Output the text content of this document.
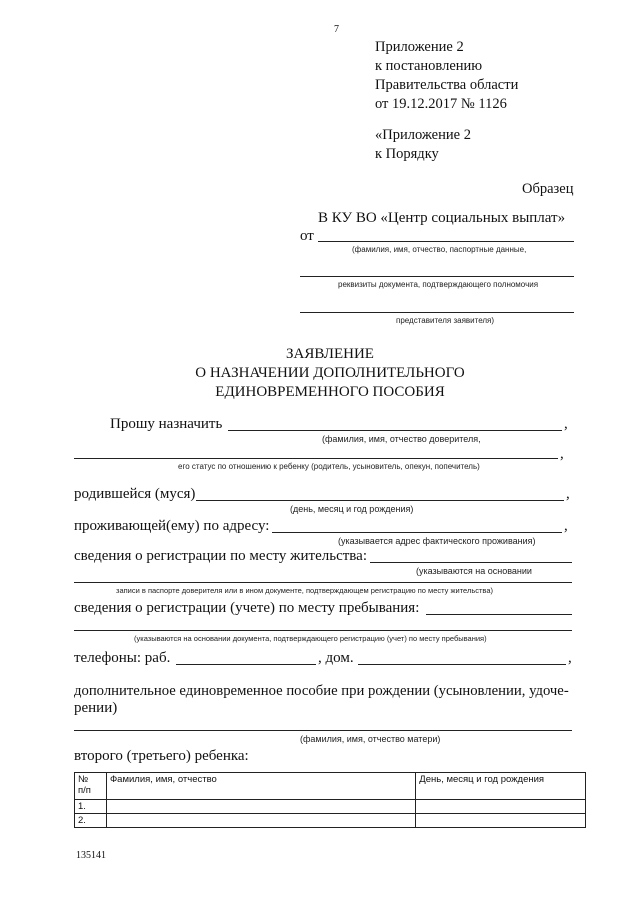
7
Приложение 2
к постановлению
Правительства области
от 19.12.2017 № 1126
«Приложение 2
к Порядку
Образец
В КУ ВО «Центр социальных выплат»
от
(фамилия, имя, отчество, паспортные данные,
реквизиты документа, подтверждающего полномочия
представителя заявителя)
ЗАЯВЛЕНИЕ
О НАЗНАЧЕНИИ ДОПОЛНИТЕЛЬНОГО
ЕДИНОВРЕМЕННОГО ПОСОБИЯ
Прошу назначить	,
(фамилия, имя, отчество доверителя,
,
его статус по отношению к ребенку (родитель, усыновитель, опекун, попечитель)
родившейся (муся)	,
(день, месяц и год рождения)
проживающей(ему) по адресу:	,
(указывается адрес фактического проживания)
сведения о регистрации по месту жительства:
(указываются на основании
записи в паспорте доверителя или в ином документе, подтверждающем регистрацию по месту жительства)
сведения о регистрации (учете) по месту пребывания:
(указываются на основании документа, подтверждающего регистрацию (учет) по месту пребывания)
телефоны: раб.	, дом.	,
дополнительное единовременное пособие при рождении (усыновлении, удоче-
рении)
(фамилия, имя, отчество матери)
второго (третьего) ребенка:
№
п/п	Фамилия, имя, отчество	День, месяц и год рождения
1.		
2.		
135141
